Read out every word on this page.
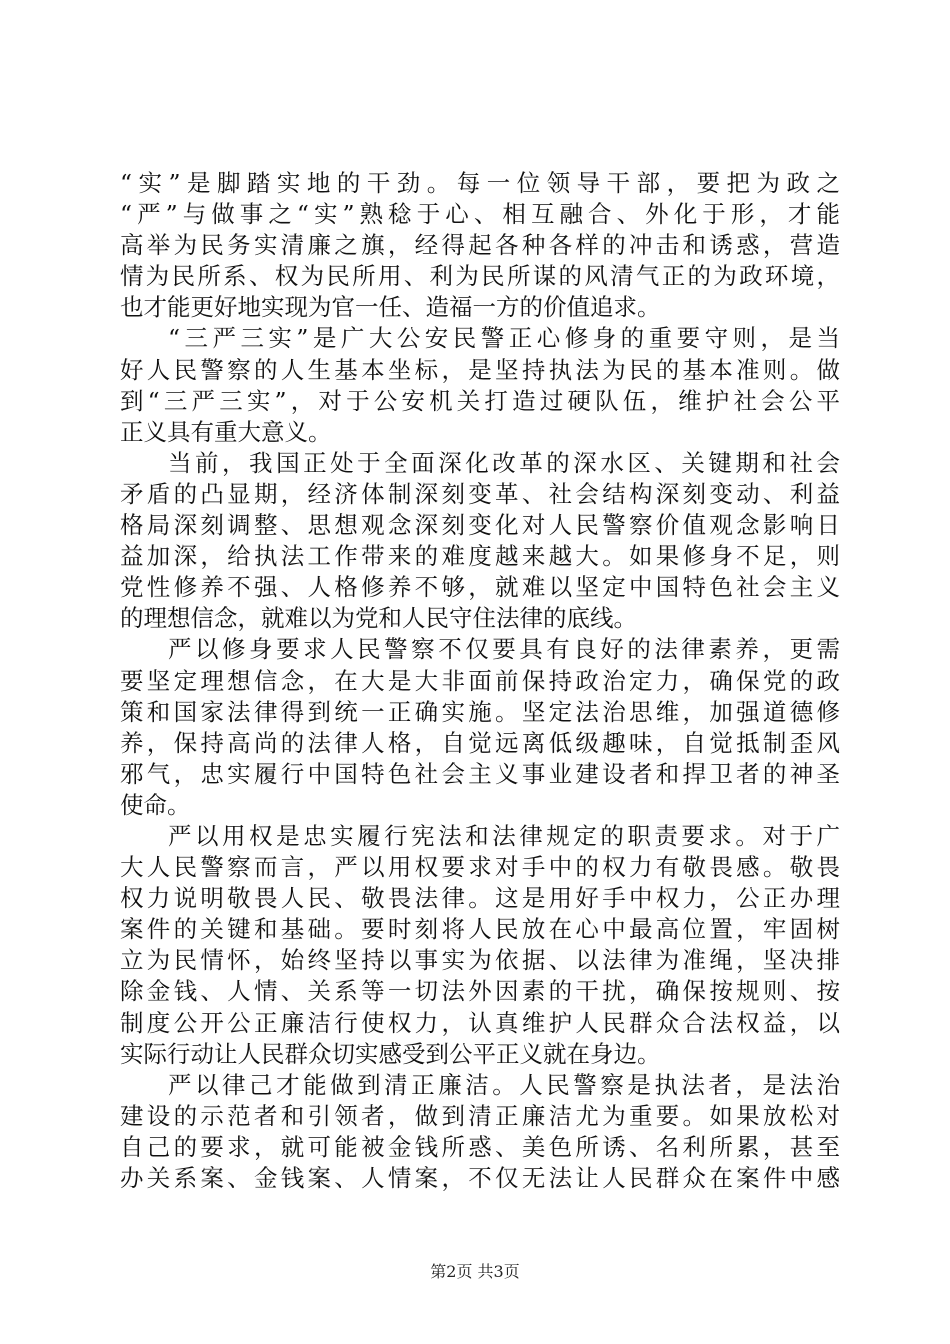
“实”是脚踏实地的干劲。每一位领导干部，要把为政之
“严”与做事之“实”熟稔于心、相互融合、外化于形，才能
高举为民务实清廉之旗，经得起各种各样的冲击和诱惑，营造
情为民所系、权为民所用、利为民所谋的风清气正的为政环境，
也才能更好地实现为官一任、造福一方的价值追求。
“三严三实”是广大公安民警正心修身的重要守则，是当
好人民警察的人生基本坐标，是坚持执法为民的基本准则。做
到“三严三实”，对于公安机关打造过硬队伍，维护社会公平
正义具有重大意义。
当前，我国正处于全面深化改革的深水区、关键期和社会
矛盾的凸显期，经济体制深刻变革、社会结构深刻变动、利益
格局深刻调整、思想观念深刻变化对人民警察价值观念影响日
益加深，给执法工作带来的难度越来越大。如果修身不足，则
党性修养不强、人格修养不够，就难以坚定中国特色社会主义
的理想信念，就难以为党和人民守住法律的底线。
严以修身要求人民警察不仅要具有良好的法律素养，更需
要坚定理想信念，在大是大非面前保持政治定力，确保党的政
策和国家法律得到统一正确实施。坚定法治思维，加强道德修
养，保持高尚的法律人格，自觉远离低级趣味，自觉抵制歪风
邪气，忠实履行中国特色社会主义事业建设者和捍卫者的神圣
使命。
严以用权是忠实履行宪法和法律规定的职责要求。对于广
大人民警察而言，严以用权要求对手中的权力有敬畏感。敬畏
权力说明敬畏人民、敬畏法律。这是用好手中权力，公正办理
案件的关键和基础。要时刻将人民放在心中最高位置，牢固树
立为民情怀，始终坚持以事实为依据、以法律为准绳，坚决排
除金钱、人情、关系等一切法外因素的干扰，确保按规则、按
制度公开公正廉洁行使权力，认真维护人民群众合法权益，以
实际行动让人民群众切实感受到公平正义就在身边。
严以律己才能做到清正廉洁。人民警察是执法者，是法治
建设的示范者和引领者，做到清正廉洁尤为重要。如果放松对
自己的要求，就可能被金钱所惑、美色所诱、名利所累，甚至
办关系案、金钱案、人情案，不仅无法让人民群众在案件中感
第2页 共3页
